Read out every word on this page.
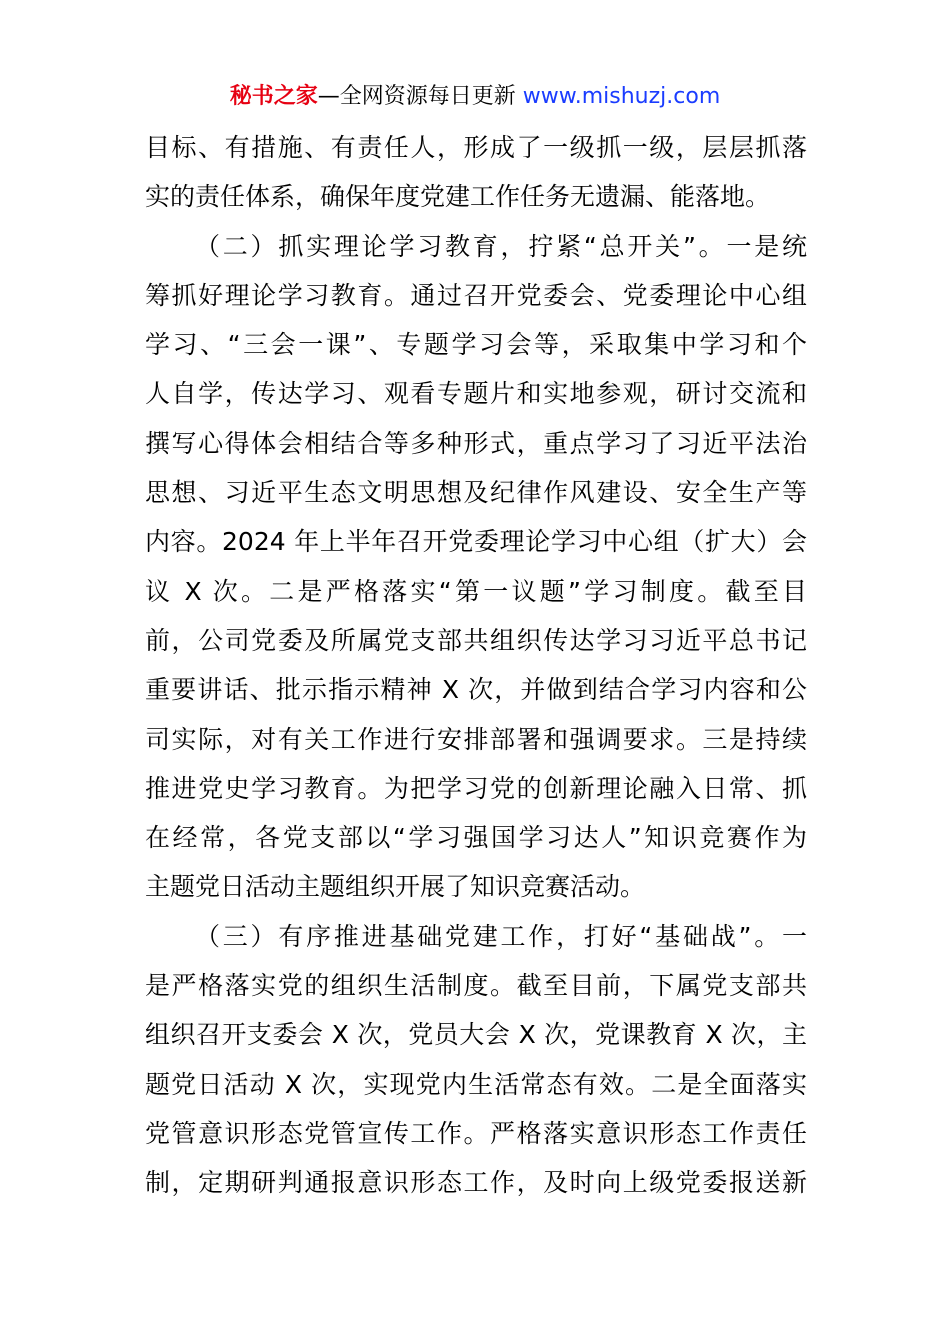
秘书之家—全网资源每日更新 www.mishuzj.com
目标、有措施、有责任人，形成了一级抓一级，层层抓落
实的责任体系，确保年度党建工作任务无遗漏、能落地。
（二）抓实理论学习教育，拧紧“总开关”。一是统
筹抓好理论学习教育。通过召开党委会、党委理论中心组
学习、“三会一课”、专题学习会等，采取集中学习和个
人自学，传达学习、观看专题片和实地参观，研讨交流和
撰写心得体会相结合等多种形式，重点学习了习近平法治
思想、习近平生态文明思想及纪律作风建设、安全生产等
内容。2024 年上半年召开党委理论学习中心组（扩大）会
议 X 次。二是严格落实“第一议题”学习制度。截至目
前，公司党委及所属党支部共组织传达学习习近平总书记
重要讲话、批示指示精神 X 次，并做到结合学习内容和公
司实际，对有关工作进行安排部署和强调要求。三是持续
推进党史学习教育。为把学习党的创新理论融入日常、抓
在经常，各党支部以“学习强国学习达人”知识竞赛作为
主题党日活动主题组织开展了知识竞赛活动。
（三）有序推进基础党建工作，打好“基础战”。一
是严格落实党的组织生活制度。截至目前，下属党支部共
组织召开支委会 X 次，党员大会 X 次，党课教育 X 次，主
题党日活动 X 次，实现党内生活常态有效。二是全面落实
党管意识形态党管宣传工作。严格落实意识形态工作责任
制，定期研判通报意识形态工作，及时向上级党委报送新
